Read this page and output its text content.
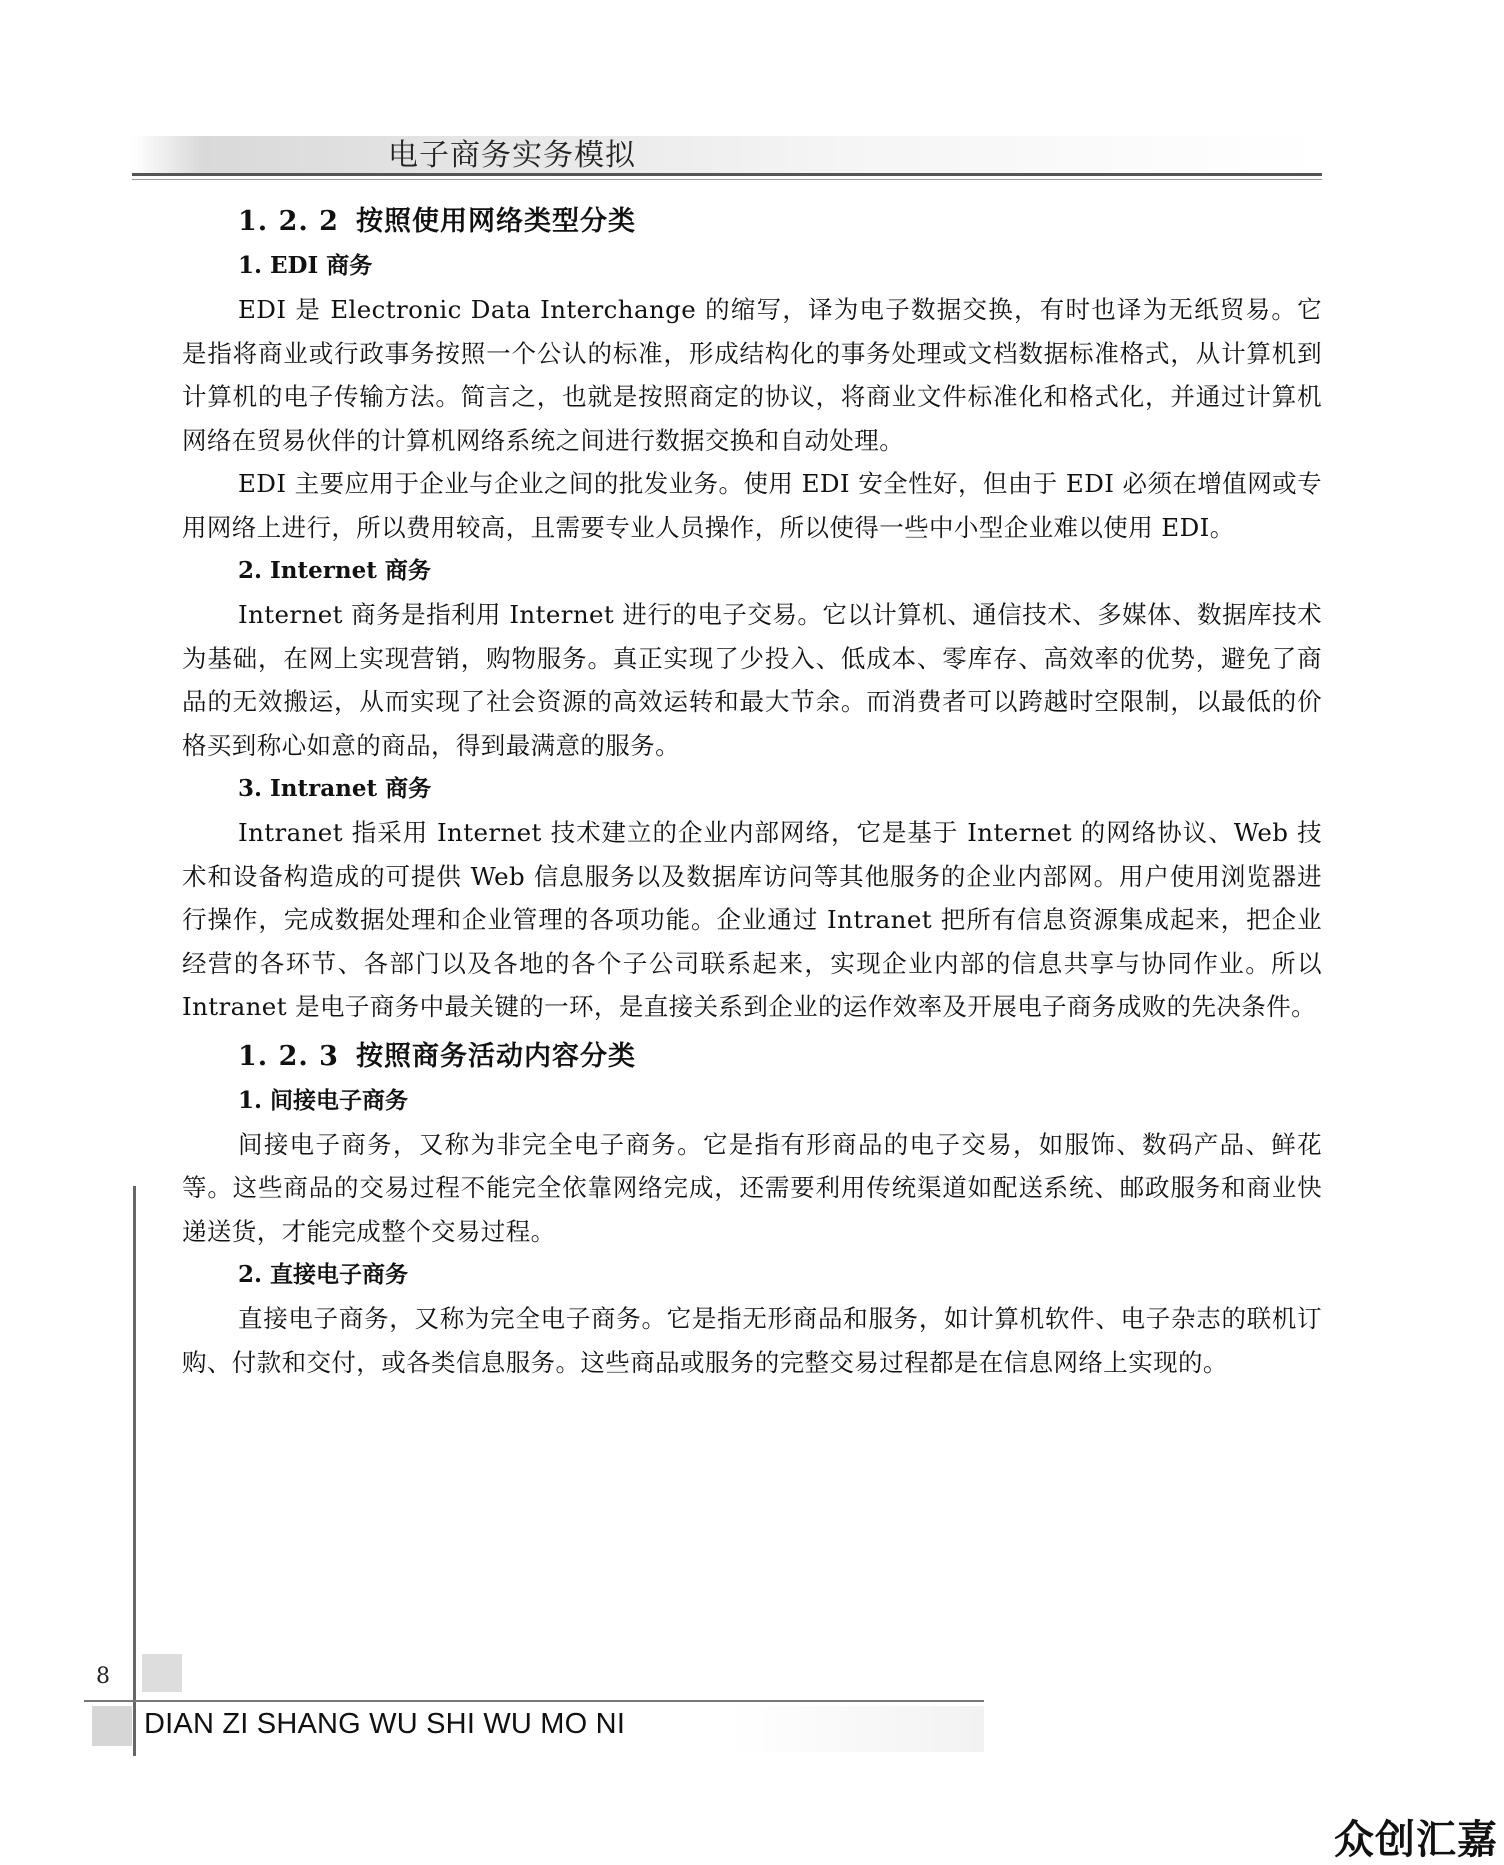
电子商务实务模拟
1. 2. 2 按照使用网络类型分类
1. EDI 商务

EDI 是 Electronic Data Interchange 的缩写，译为电子数据交换，有时也译为无纸贸易。它是指将商业或行政事务按照一个公认的标准，形成结构化的事务处理或文档数据标准格式，从计算机到计算机的电子传输方法。简言之，也就是按照商定的协议，将商业文件标准化和格式化，并通过计算机网络在贸易伙伴的计算机网络系统之间进行数据交换和自动处理。

EDI 主要应用于企业与企业之间的批发业务。使用 EDI 安全性好，但由于 EDI 必须在增值网或专用网络上进行，所以费用较高，且需要专业人员操作，所以使得一些中小型企业难以使用 EDI。

2. Internet 商务

Internet 商务是指利用 Internet 进行的电子交易。它以计算机、通信技术、多媒体、数据库技术为基础，在网上实现营销，购物服务。真正实现了少投入、低成本、零库存、高效率的优势，避免了商品的无效搬运，从而实现了社会资源的高效运转和最大节余。而消费者可以跨越时空限制，以最低的价格买到称心如意的商品，得到最满意的服务。

3. Intranet 商务

Intranet 指采用 Internet 技术建立的企业内部网络，它是基于 Internet 的网络协议、Web 技术和设备构造成的可提供 Web 信息服务以及数据库访问等其他服务的企业内部网。用户使用浏览器进行操作，完成数据处理和企业管理的各项功能。企业通过 Intranet 把所有信息资源集成起来，把企业经营的各环节、各部门以及各地的各个子公司联系起来，实现企业内部的信息共享与协同作业。所以 Intranet 是电子商务中最关键的一环，是直接关系到企业的运作效率及开展电子商务成败的先决条件。

1. 2. 3 按照商务活动内容分类
1. 间接电子商务

间接电子商务，又称为非完全电子商务。它是指有形商品的电子交易，如服饰、数码产品、鲜花等。这些商品的交易过程不能完全依靠网络完成，还需要利用传统渠道如配送系统、邮政服务和商业快递送货，才能完成整个交易过程。

2. 直接电子商务

直接电子商务，又称为完全电子商务。它是指无形商品和服务，如计算机软件、电子杂志的联机订购、付款和交付，或各类信息服务。这些商品或服务的完整交易过程都是在信息网络上实现的。

8
DIAN ZI SHANG WU SHI WU MO NI
众创汇嘉
